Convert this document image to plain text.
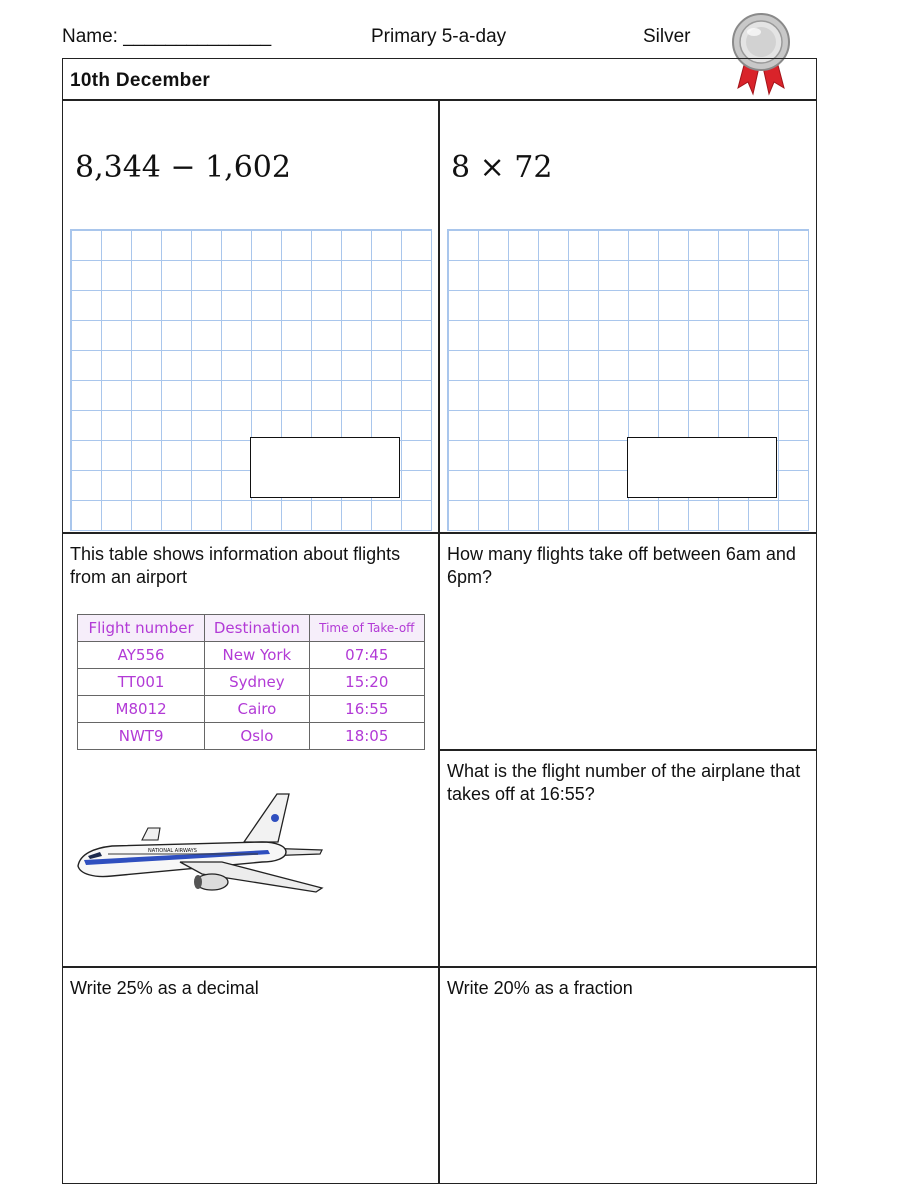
Name: ______________	Primary 5-a-day	Silver
10th December
8,344 − 1,602	8 × 72
This table shows information about flights from an airport
Flight number	Destination	Time of Take-off
AY556	New York	07:45
TT001	Sydney	15:20
M8012	Cairo	16:55
NWT9	Oslo	18:05
NATIONAL AIRWAYS
How many flights take off between 6am and 6pm?
What is the flight number of the airplane that takes off at 16:55?
Write 25% as a decimal	Write 20% as a fraction
